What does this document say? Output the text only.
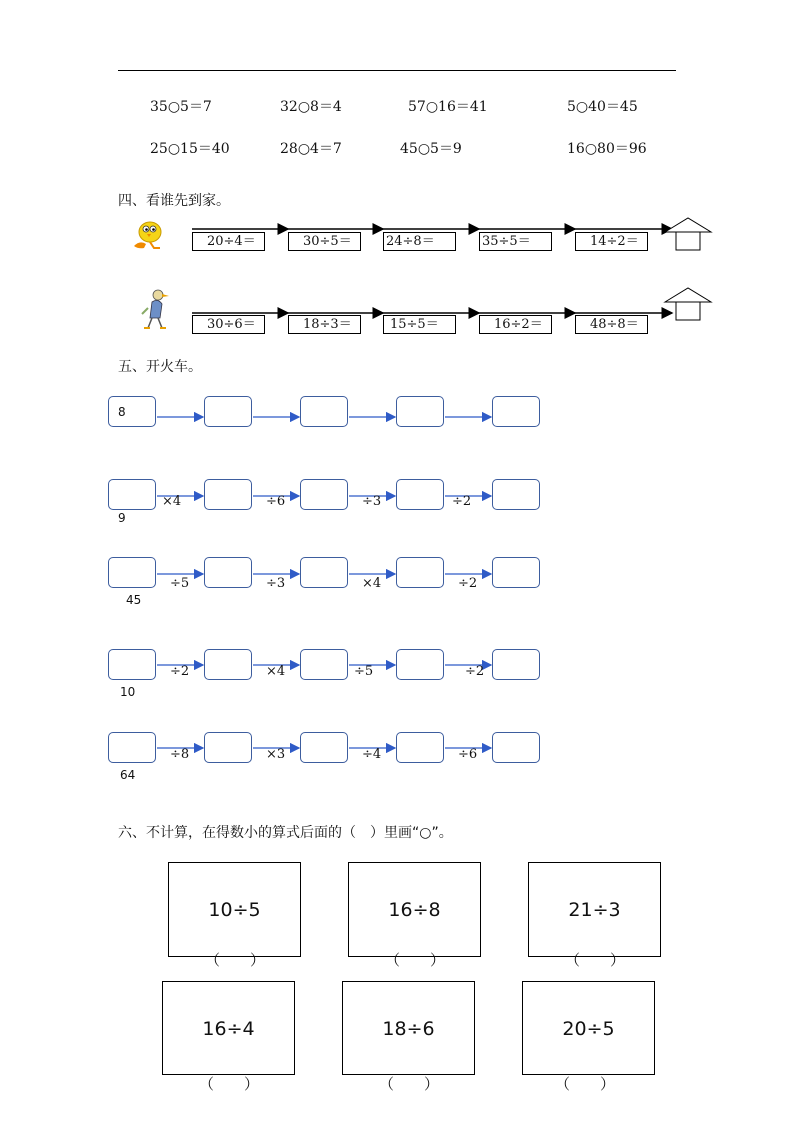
35○5＝7	32○8＝4	57○16＝41	5○40＝45
25○15＝40	28○4＝7	45○5＝9	16○80＝96
四、看谁先到家。
20÷4＝	30÷5＝	24÷8＝	35÷5＝	14÷2＝
30÷6＝	18÷3＝	15÷5＝	16÷2＝	48÷8＝
五、开火车。
8
9
×4	÷6	÷3	÷2
45
÷5	÷3	×4	÷2
10
÷2	×4	÷5	÷2
64
÷8	×3	÷4	÷6
六、不计算，在得数小的算式后面的（　）里画“○”。
10÷5	16÷8	21÷3
（　　）	（　　）	（　　）
16÷4	18÷6	20÷5
（　　）	（　　）	（　　）
